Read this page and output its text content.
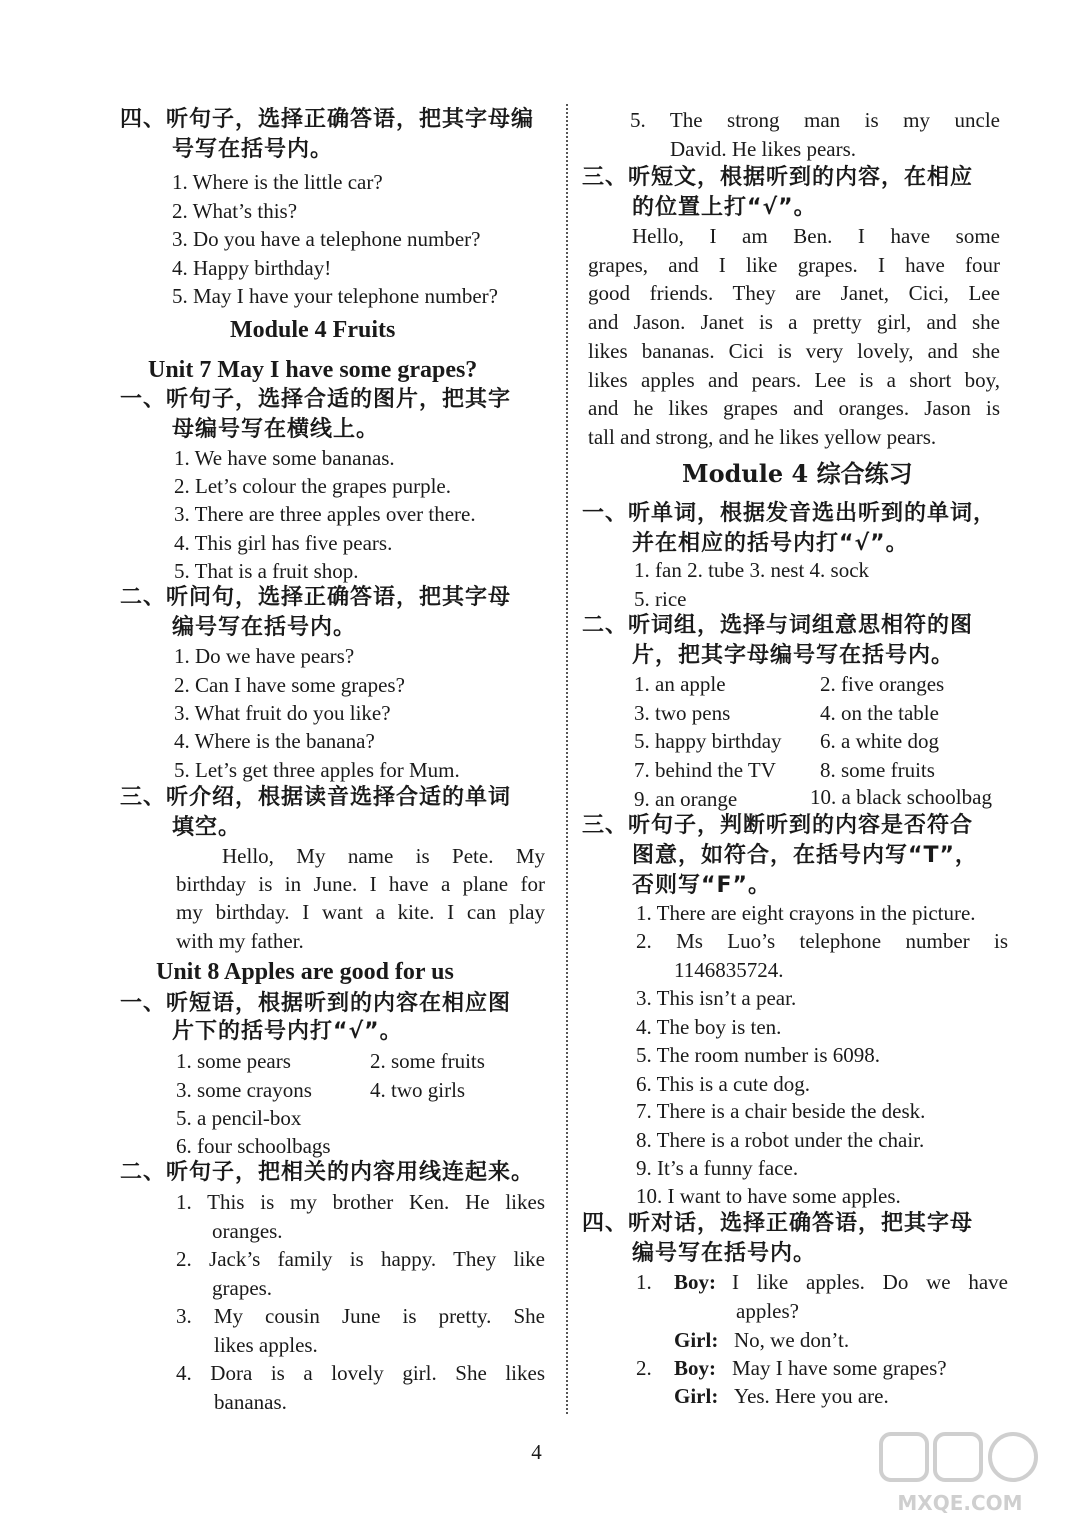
四、听句子，选择正确答语，把其字母编
号写在括号内。
1. Where is the little car?
2. What’s this?
3. Do you have a telephone number?
4. Happy birthday!
5. May I have your telephone number?
Module 4 Fruits
Unit 7 May I have some grapes?
一、听句子，选择合适的图片，把其字
母编号写在横线上。
1. We have some bananas.
2. Let’s colour the grapes purple.
3. There are three apples over there.
4. This girl has five pears.
5. That is a fruit shop.
二、听问句，选择正确答语，把其字母
编号写在括号内。
1. Do we have pears?
2. Can I have some grapes?
3. What fruit do you like?
4. Where is the banana?
5. Let’s get three apples for Mum.
三、听介绍，根据读音选择合适的单词
填空。
Hello, My name is Pete. My
birthday is in June. I have a plane for
my birthday. I want a kite. I can play
with my father.
Unit 8 Apples are good for us
一、听短语，根据听到的内容在相应图
片下的括号内打“√”。
1. some pears	2. some fruits
3. some crayons	4. two girls
5. a pencil-box
6. four schoolbags
二、听句子，把相关的内容用线连起来。
1. This is my brother Ken. He likes
oranges.
2. Jack’s family is happy. They like
grapes.
3. My cousin June is pretty. She
likes apples.
4. Dora is a lovely girl. She likes
bananas.
5. The strong man is my uncle
David. He likes pears.
三、听短文，根据听到的内容，在相应
的位置上打“√”。
Hello, I am Ben. I have some
grapes, and I like grapes. I have four
good friends. They are Janet, Cici, Lee
and Jason. Janet is a pretty girl, and she
likes bananas. Cici is very lovely, and she
likes apples and pears. Lee is a short boy,
and he likes grapes and oranges. Jason is
tall and strong, and he likes yellow pears.
Module 4 综合练习
一、听单词，根据发音选出听到的单词，
并在相应的括号内打“√”。
1. fan 2. tube 3. nest 4. sock
5. rice
二、听词组，选择与词组意思相符的图
片，把其字母编号写在括号内。
1. an apple	2. five oranges
3. two pens	4. on the table
5. happy birthday 6. a white dog
7. behind the TV 8. some fruits
9. an orange	10. a black schoolbag
三、听句子，判断听到的内容是否符合
图意，如符合，在括号内写“T”，
否则写“F”。
1. There are eight crayons in the picture.
2. Ms Luo’s telephone number is
1146835724.
3. This isn’t a pear.
4. The boy is ten.
5. The room number is 6098.
6. This is a cute dog.
7. There is a chair beside the desk.
8. There is a robot under the chair.
9. It’s a funny face.
10. I want to have some apples.
四、听对话，选择正确答语，把其字母
编号写在括号内。
1. Boy: I like apples. Do we have
apples?
Girl: No, we don’t.
2. Boy: May I have some grapes?
Girl: Yes. Here you are.
4
MXQE.COM
